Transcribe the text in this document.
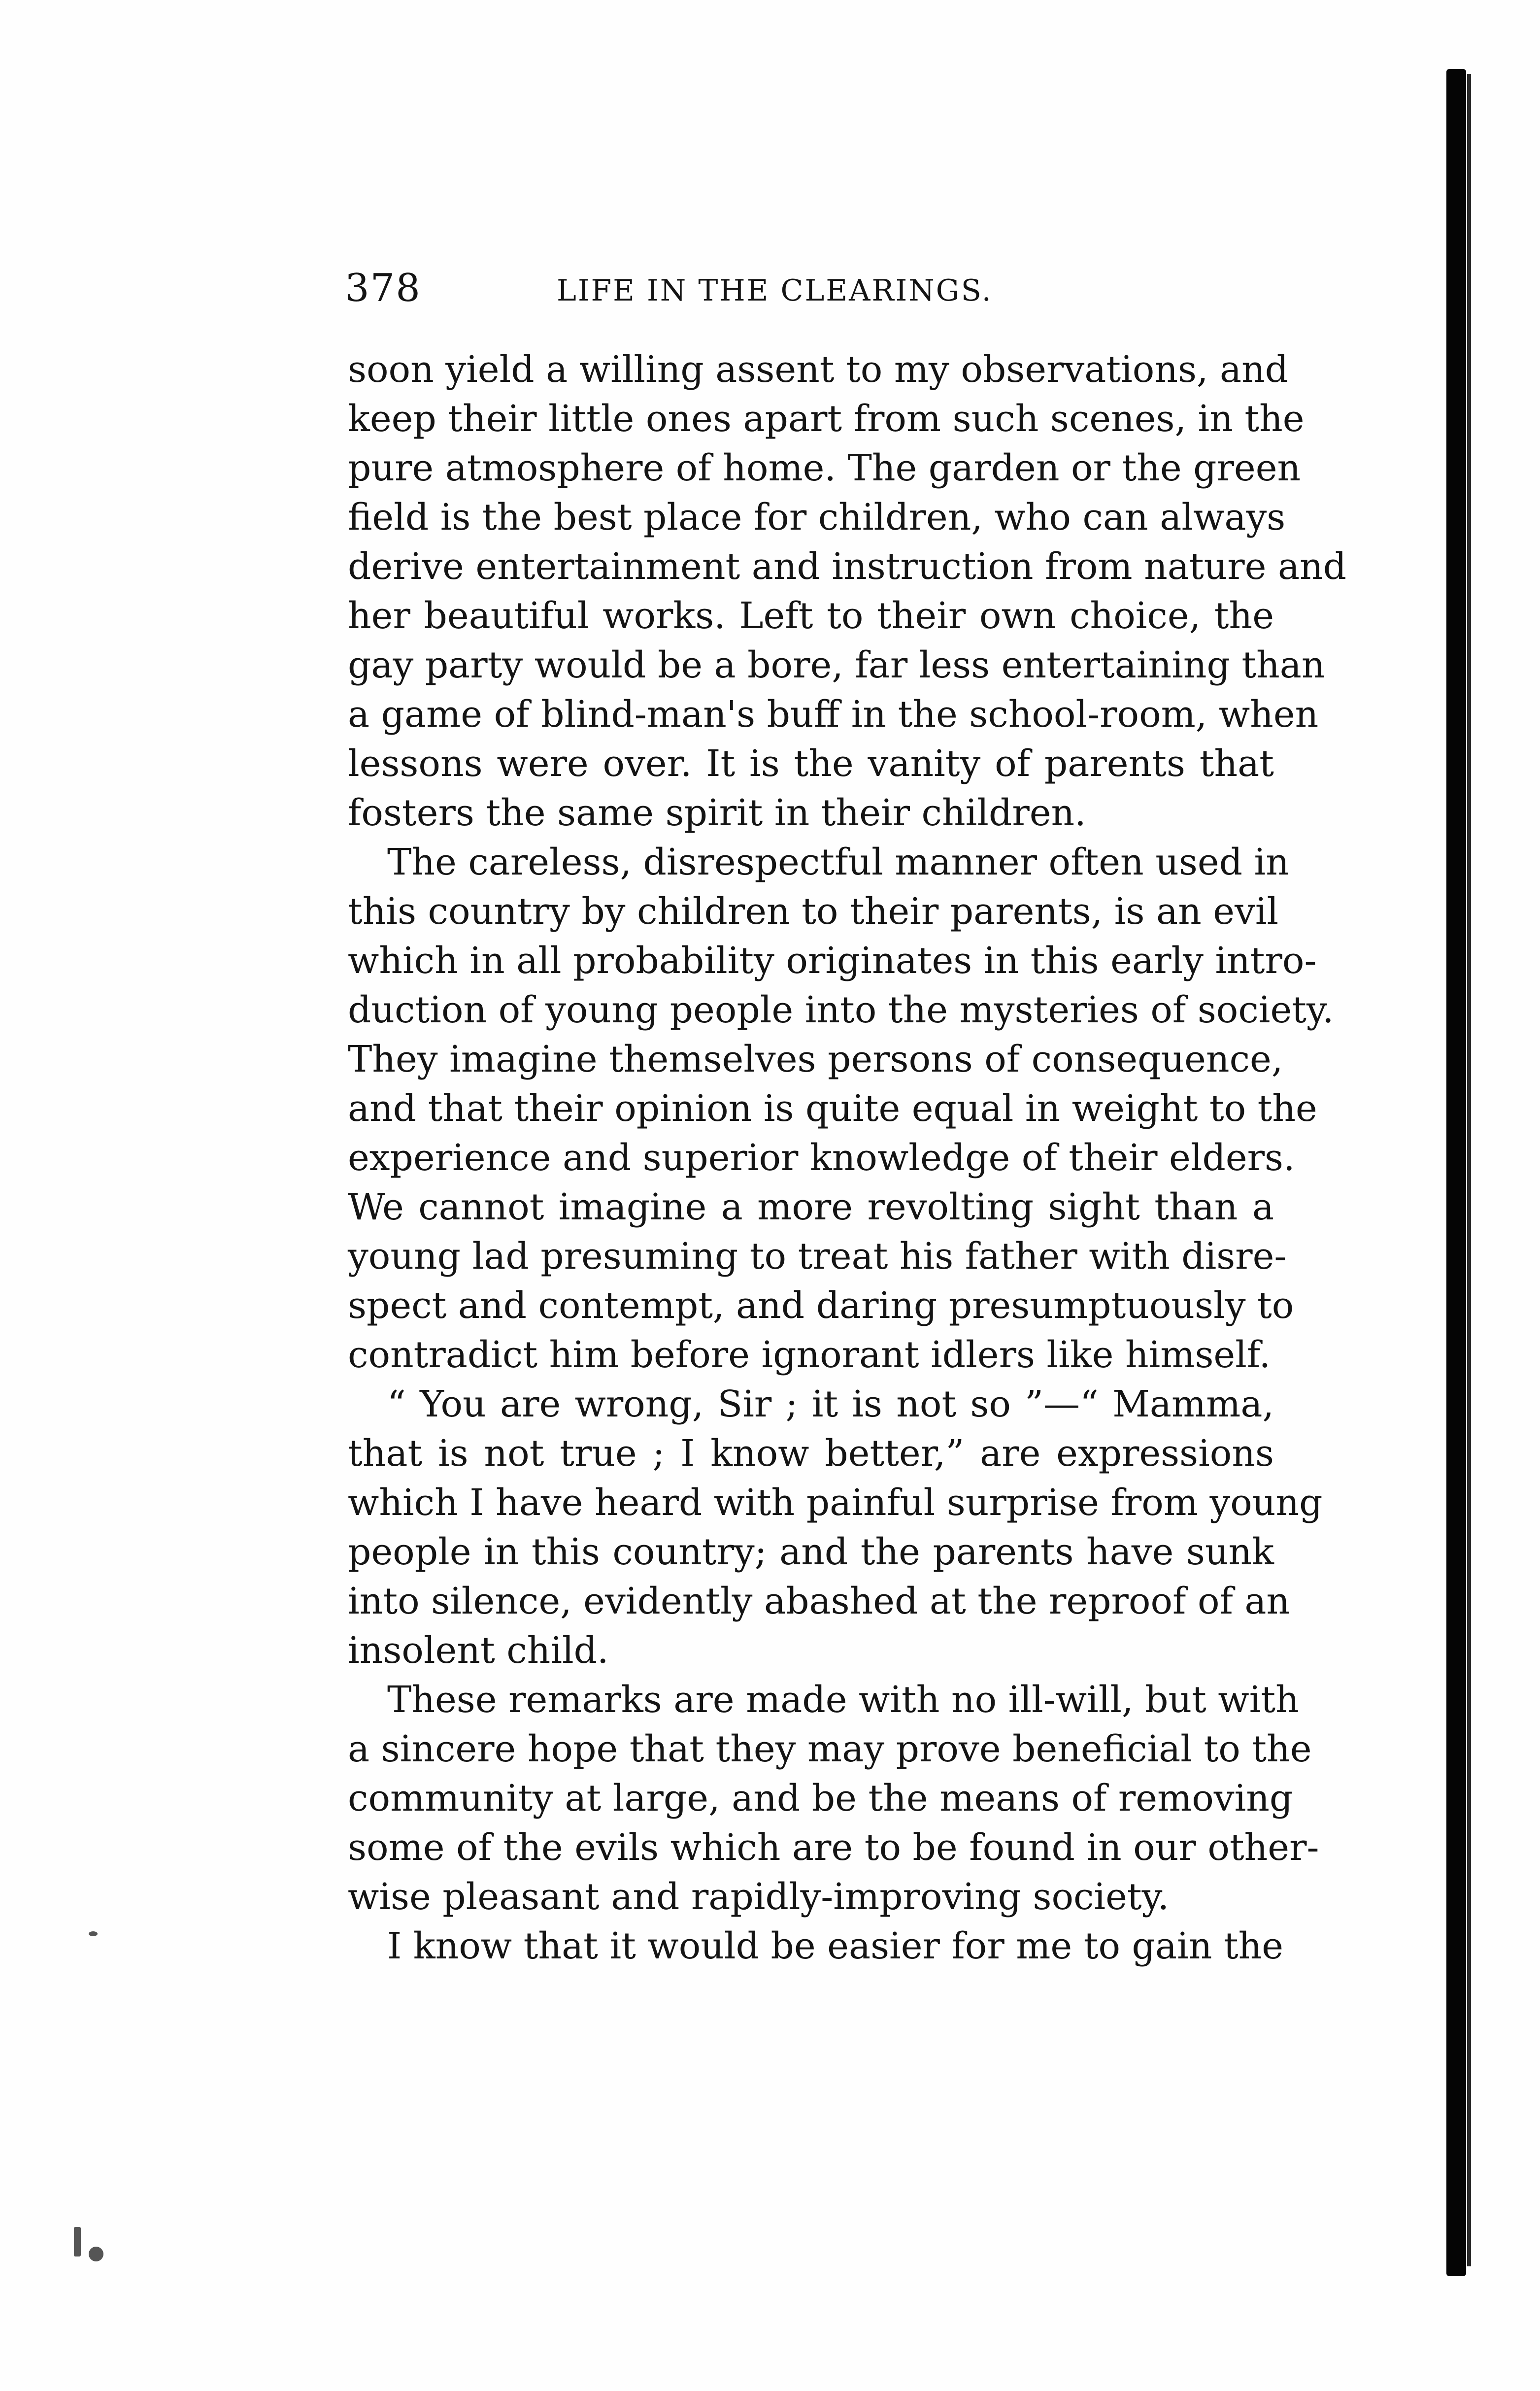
378	LIFE IN THE CLEARINGS.
soon yield a willing assent to my observations, and
keep their little ones apart from such scenes, in the
pure atmosphere of home. The garden or the green
field is the best place for children, who can always
derive entertainment and instruction from nature and
her beautiful works. Left to their own choice, the
gay party would be a bore, far less entertaining than
a game of blind-man's buff in the school-room, when
lessons were over. It is the vanity of parents that
fosters the same spirit in their children.
The careless, disrespectful manner often used in
this country by children to their parents, is an evil
which in all probability originates in this early intro-
duction of young people into the mysteries of society.
They imagine themselves persons of consequence,
and that their opinion is quite equal in weight to the
experience and superior knowledge of their elders.
We cannot imagine a more revolting sight than a
young lad presuming to treat his father with disre-
spect and contempt, and daring presumptuously to
contradict him before ignorant idlers like himself.
“ You are wrong, Sir ; it is not so ”—“ Mamma,
that is not true ; I know better,” are expressions
which I have heard with painful surprise from young
people in this country; and the parents have sunk
into silence, evidently abashed at the reproof of an
insolent child.
These remarks are made with no ill-will, but with
a sincere hope that they may prove beneficial to the
community at large, and be the means of removing
some of the evils which are to be found in our other-
wise pleasant and rapidly-improving society.
I know that it would be easier for me to gain the
